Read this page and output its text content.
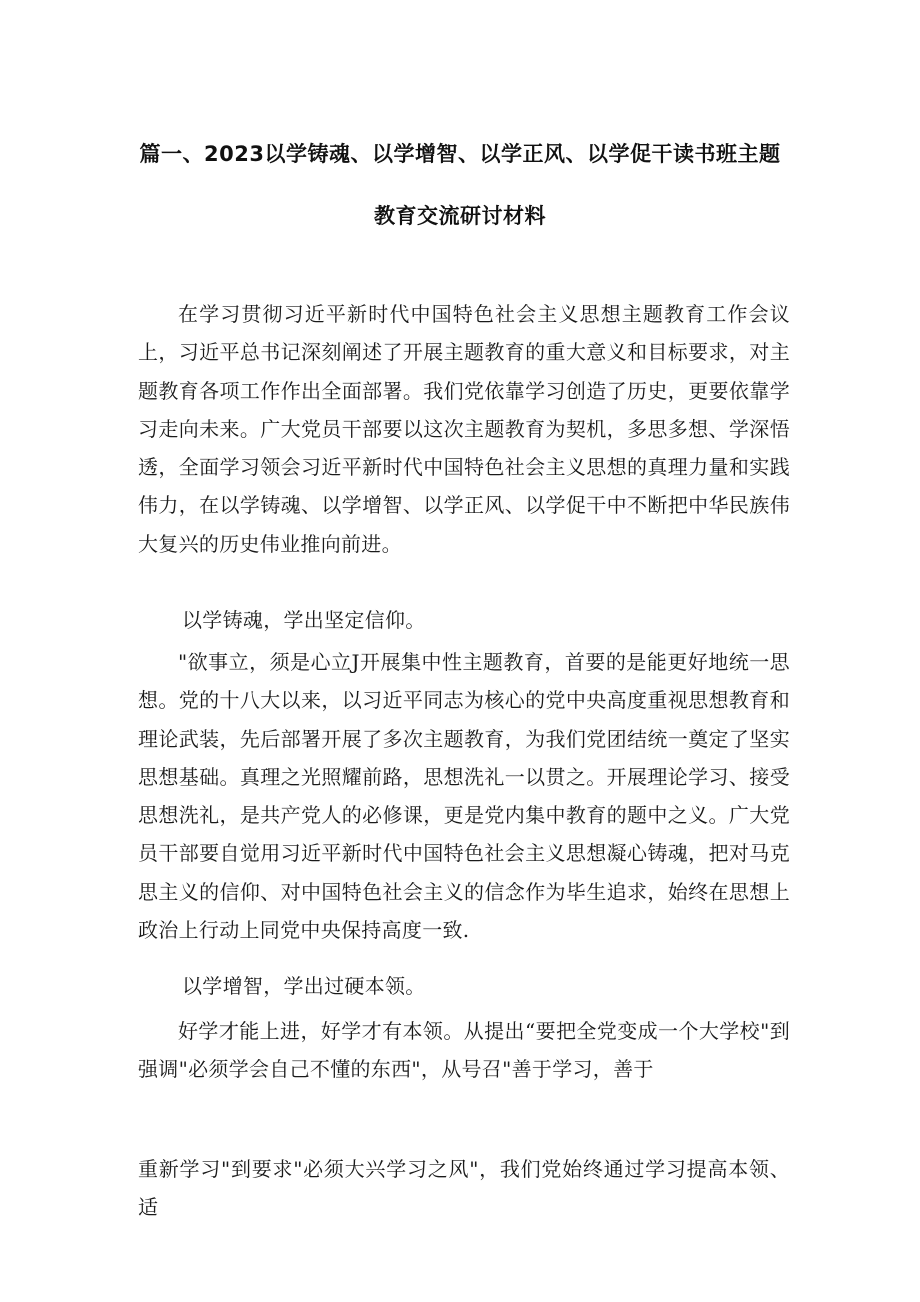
篇一、2023以学铸魂、以学增智、以学正风、以学促干读书班主题
教育交流研讨材料

在学习贯彻习近平新时代中国特色社会主义思想主题教育工作会议上，习近平总书记深刻阐述了开展主题教育的重大意义和目标要求，对主题教育各项工作作出全面部署。我们党依靠学习创造了历史，更要依靠学习走向未来。广大党员干部要以这次主题教育为契机，多思多想、学深悟透，全面学习领会习近平新时代中国特色社会主义思想的真理力量和实践伟力，在以学铸魂、以学增智、以学正风、以学促干中不断把中华民族伟大复兴的历史伟业推向前进。

以学铸魂，学出坚定信仰。

"欲事立，须是心立J开展集中性主题教育，首要的是能更好地统一思想。党的十八大以来，以习近平同志为核心的党中央高度重视思想教育和理论武装，先后部署开展了多次主题教育，为我们党团结统一奠定了坚实思想基础。真理之光照耀前路，思想洗礼一以贯之。开展理论学习、接受思想洗礼，是共产党人的必修课，更是党内集中教育的题中之义。广大党员干部要自觉用习近平新时代中国特色社会主义思想凝心铸魂，把对马克思主义的信仰、对中国特色社会主义的信念作为毕生追求，始终在思想上政治上行动上同党中央保持高度一致.

以学增智，学出过硬本领。

好学才能上进，好学才有本领。从提出“要把全党变成一个大学校"到强调"必须学会自己不懂的东西"，从号召"善于学习，善于

重新学习"到要求"必须大兴学习之风"，我们党始终通过学习提高本领、适
